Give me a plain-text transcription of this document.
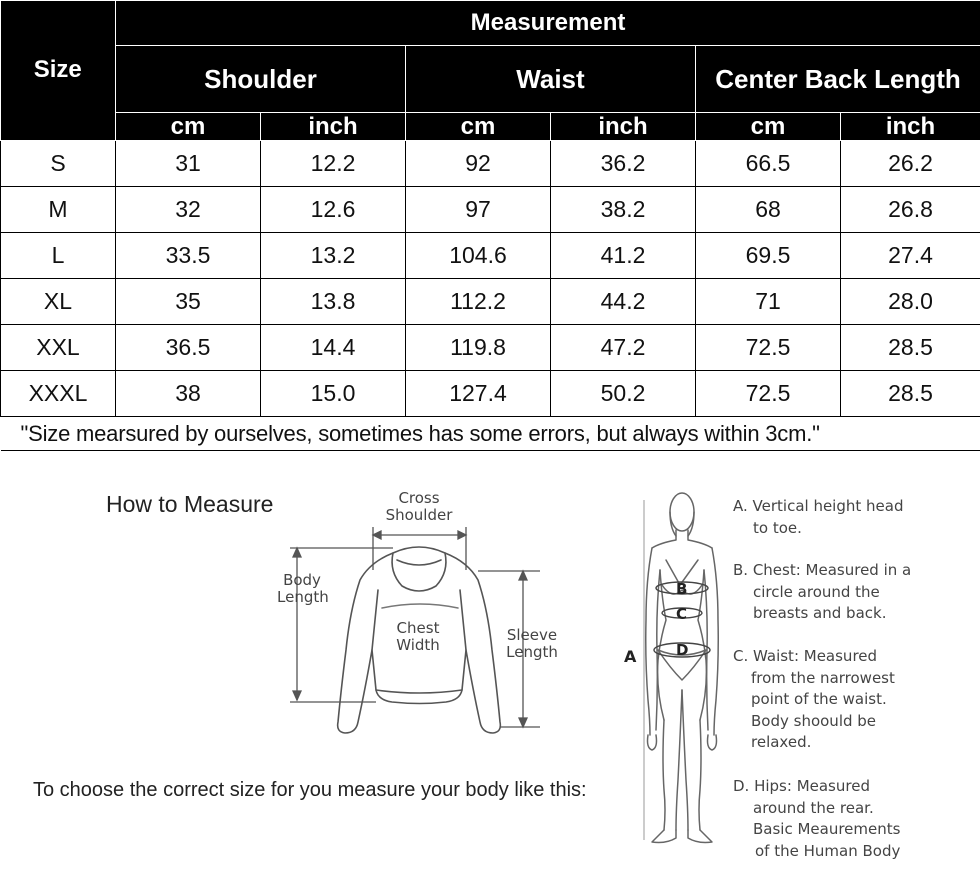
Size	Measurement					
	Shoulder		Waist		Center Back Length	
	cm	inch	cm	inch	cm	inch
S	31	12.2	92	36.2	66.5	26.2
M	32	12.6	97	38.2	68	26.8
L	33.5	13.2	104.6	41.2	69.5	27.4
XL	35	13.8	112.2	44.2	71	28.0
XXL	36.5	14.4	119.8	47.2	72.5	28.5
XXXL	38	15.0	127.4	50.2	72.5	28.5
"Size mearsured by ourselves, sometimes has some errors, but always within 3cm."						
How to Measure	Cross
Shoulder
Body
Length
Chest
Width
Sleeve
Length	A
B
C
D
A. Vertical height head
to toe.
B. Chest: Measured in a
circle around the
breasts and back.
C. Waist: Measured
from the narrowest
point of the waist.
Body shoould be
relaxed.
D. Hips: Measured
around the rear.
Basic Meaurements
of the Human Body
To choose the correct size for you measure your body like this:
